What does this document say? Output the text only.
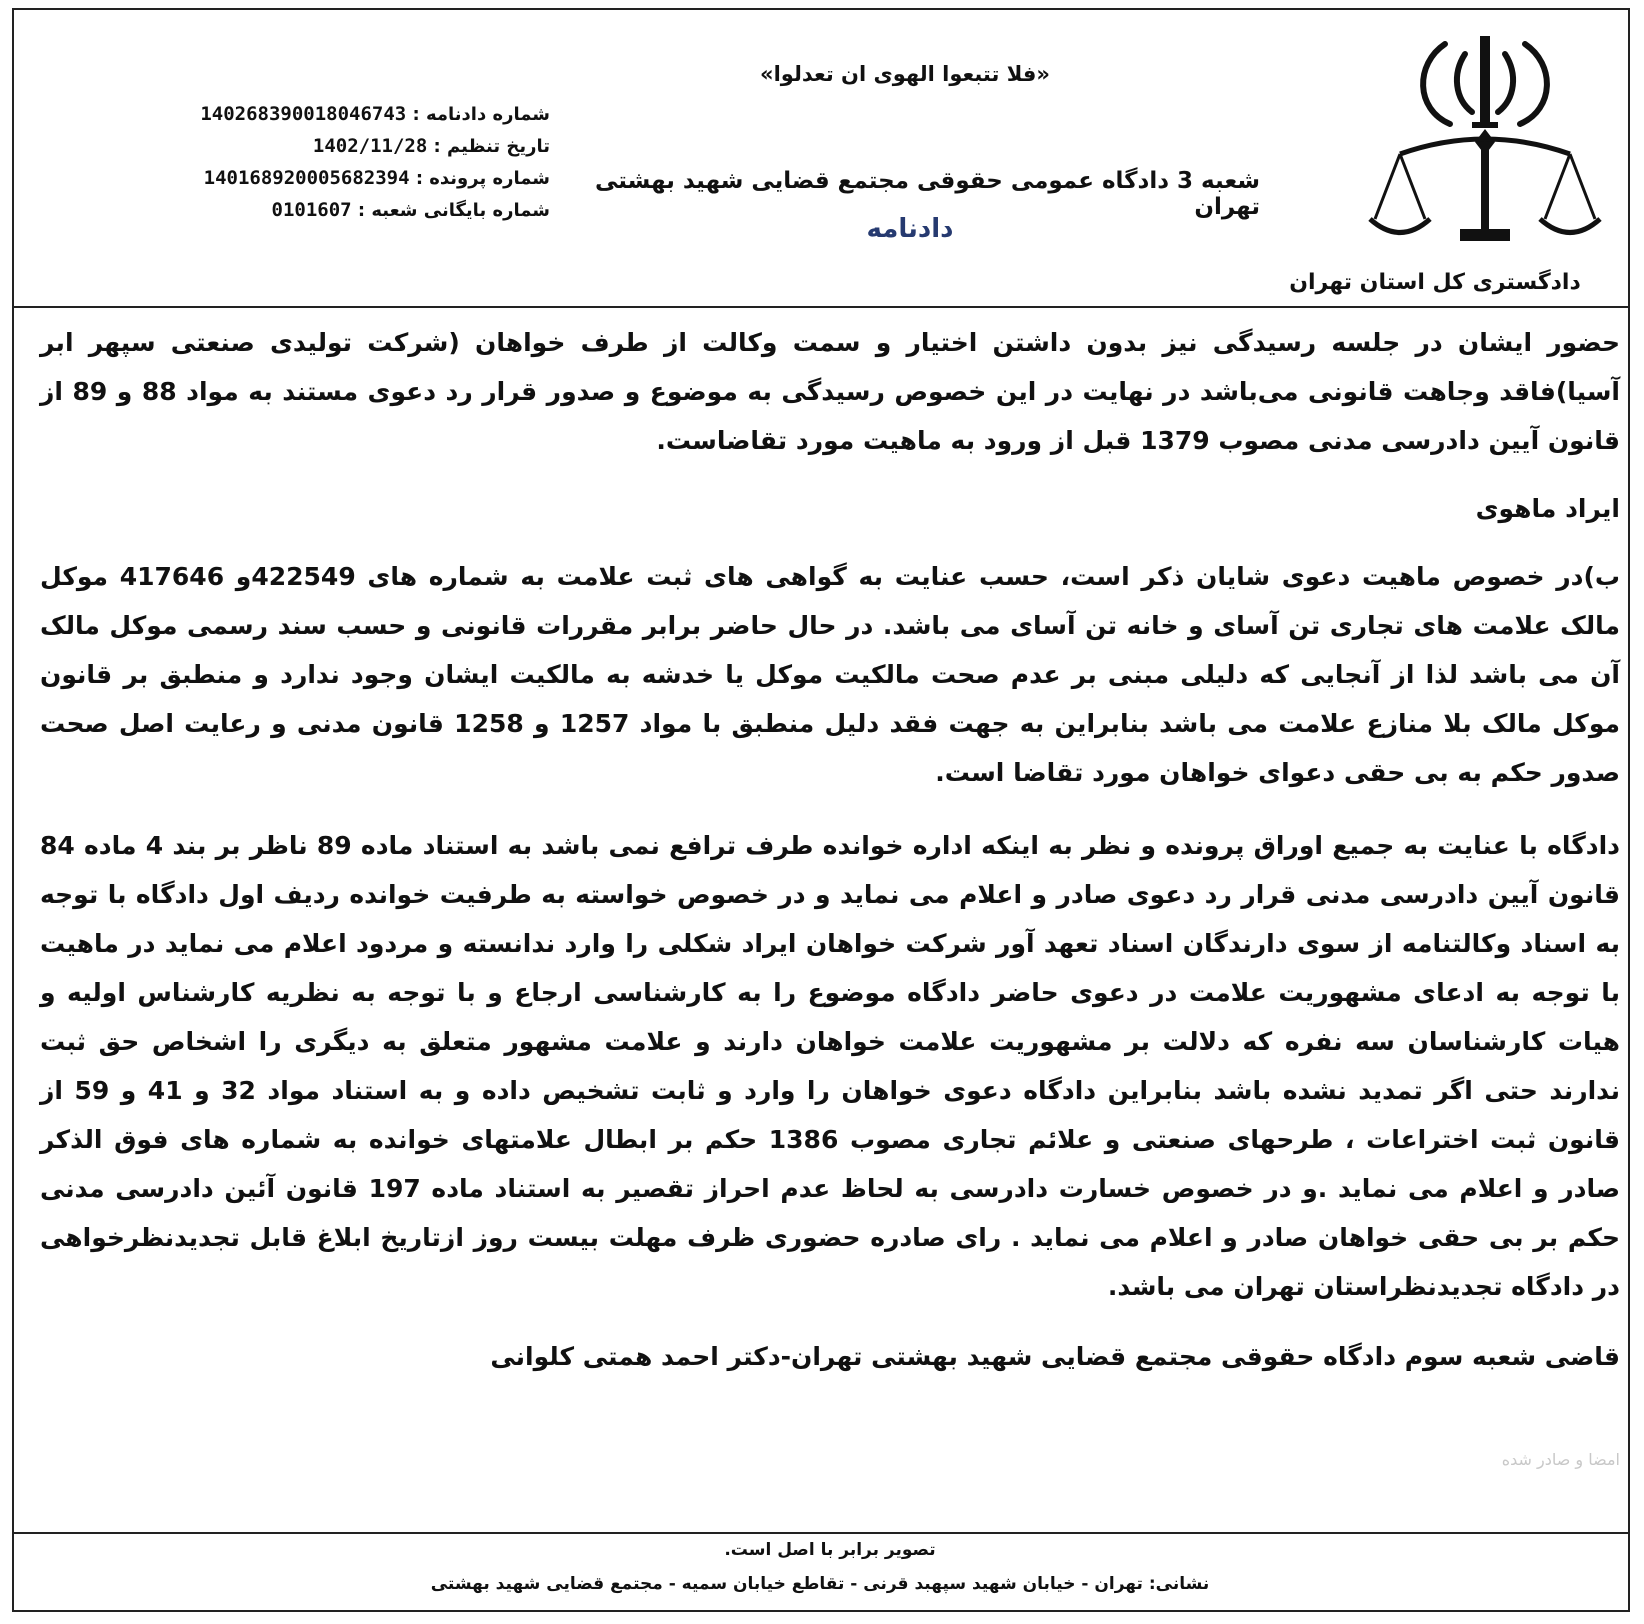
دادگستری کل استان تهران
«فلا تتبعوا الهوی ان تعدلوا»
شعبه 3 دادگاه عمومی حقوقی مجتمع قضایی شهید بهشتی تهران
دادنامه
شماره دادنامه : 140268390018046743
تاریخ تنظیم : 1402/11/28
شماره پرونده : 140168920005682394
شماره بایگانی شعبه : 0101607

حضور ایشان در جلسه رسیدگی نیز بدون داشتن اختیار و سمت وکالت از طرف خواهان (شرکت تولیدی صنعتی سپهر ابر آسیا)فاقد وجاهت قانونی می‌باشد در نهایت در این خصوص رسیدگی به موضوع و صدور قرار رد دعوی مستند به مواد 88 و 89 از قانون آیین دادرسی مدنی مصوب 1379 قبل از ورود به ماهیت مورد تقاضاست.

ایراد ماهوی

ب)در خصوص ماهیت دعوی شایان ذکر است، حسب عنایت به گواهی های ثبت علامت به شماره های 422549و 417646 موکل مالک علامت های تجاری تن آسای و خانه تن آسای می باشد. در حال حاضر برابر مقررات قانونی و حسب سند رسمی موکل مالک آن می باشد لذا از آنجایی که دلیلی مبنی بر عدم صحت مالکیت موکل یا خدشه به مالکیت ایشان وجود ندارد و منطبق بر قانون موکل مالک بلا منازع علامت می باشد بنابراین به جهت فقد دلیل منطبق با مواد 1257 و 1258 قانون مدنی و رعایت اصل صحت صدور حکم به بی حقی دعوای خواهان مورد تقاضا است.

دادگاه با عنایت به جمیع اوراق پرونده و نظر به اینکه اداره خوانده طرف ترافع نمی باشد به استناد ماده 89 ناظر بر بند 4 ماده 84 قانون آیین دادرسی مدنی قرار رد دعوی صادر و اعلام می نماید و در خصوص خواسته به طرفیت خوانده ردیف اول دادگاه با توجه به اسناد وکالتنامه از سوی دارندگان اسناد تعهد آور شرکت خواهان ایراد شکلی را وارد ندانسته و مردود اعلام می نماید در ماهیت با توجه به ادعای مشهوریت علامت در دعوی حاضر دادگاه موضوع را به کارشناسی ارجاع و با توجه به نظریه کارشناس اولیه و هیات کارشناسان سه نفره که دلالت بر مشهوریت علامت خواهان دارند و علامت مشهور متعلق به دیگری را اشخاص حق ثبت ندارند حتی اگر تمدید نشده باشد بنابراین دادگاه دعوی خواهان را وارد و ثابت تشخیص داده و به استناد مواد 32 و 41 و 59 از قانون ثبت اختراعات ، طرحهای صنعتی و علائم تجاری مصوب 1386 حکم بر ابطال علامتهای خوانده به شماره های فوق الذکر صادر و اعلام می نماید .و در خصوص خسارت دادرسی به لحاظ عدم احراز تقصیر به استناد ماده 197 قانون آئین دادرسی مدنی حکم بر بی حقی خواهان صادر و اعلام می نماید . رای صادره حضوری ظرف مهلت بیست روز ازتاریخ ابلاغ قابل تجدیدنظرخواهی در دادگاه تجدیدنظراستان تهران می باشد.

قاضی شعبه سوم دادگاه حقوقی مجتمع قضایی شهید بهشتی تهران-دکتر احمد همتی کلوانی
امضا و صادر شده
تصویر برابر با اصل است.
نشانی: تهران - خیابان شهید سپهبد قرنی - تقاطع خیابان سمیه - مجتمع قضایی شهید بهشتی
